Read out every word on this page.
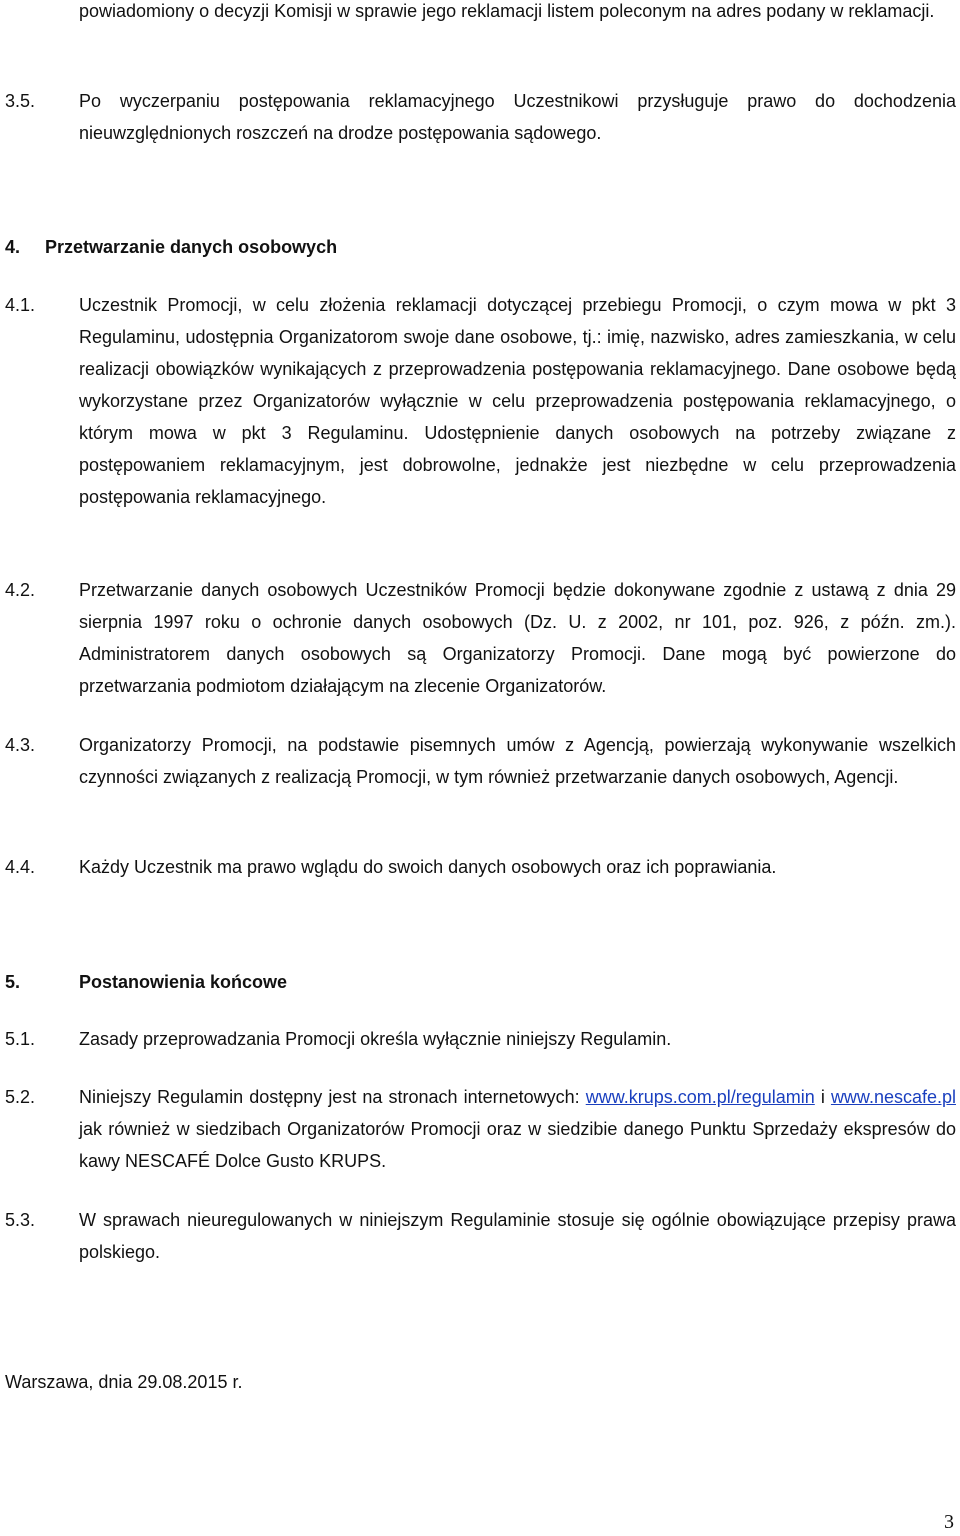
powiadomiony o decyzji Komisji w sprawie jego reklamacji listem poleconym na adres podany w reklamacji.
3.5. Po wyczerpaniu postępowania reklamacyjnego Uczestnikowi przysługuje prawo do dochodzenia nieuwzględnionych roszczeń na drodze postępowania sądowego.
4. Przetwarzanie danych osobowych
4.1. Uczestnik Promocji, w celu złożenia reklamacji dotyczącej przebiegu Promocji, o czym mowa w pkt 3 Regulaminu, udostępnia Organizatorom swoje dane osobowe, tj.: imię, nazwisko, adres zamieszkania, w celu realizacji obowiązków wynikających z przeprowadzenia postępowania reklamacyjnego. Dane osobowe będą wykorzystane przez Organizatorów wyłącznie w celu przeprowadzenia postępowania reklamacyjnego, o którym mowa w pkt 3 Regulaminu. Udostępnienie danych osobowych na potrzeby związane z postępowaniem reklamacyjnym, jest dobrowolne, jednakże jest niezbędne w celu przeprowadzenia postępowania reklamacyjnego.
4.2. Przetwarzanie danych osobowych Uczestników Promocji będzie dokonywane zgodnie z ustawą z dnia 29 sierpnia 1997 roku o ochronie danych osobowych (Dz. U. z 2002, nr 101, poz. 926, z późn. zm.). Administratorem danych osobowych są Organizatorzy Promocji. Dane mogą być powierzone do przetwarzania podmiotom działającym na zlecenie Organizatorów.
4.3. Organizatorzy Promocji, na podstawie pisemnych umów z Agencją, powierzają wykonywanie wszelkich czynności związanych z realizacją Promocji, w tym również przetwarzanie danych osobowych, Agencji.
4.4. Każdy Uczestnik ma prawo wglądu do swoich danych osobowych oraz ich poprawiania.
5.	Postanowienia końcowe
5.1. Zasady przeprowadzania Promocji określa wyłącznie niniejszy Regulamin.
5.2. Niniejszy Regulamin dostępny jest na stronach internetowych: www.krups.com.pl/regulamin i www.nescafe.pl jak również w siedzibach Organizatorów Promocji oraz w siedzibie danego Punktu Sprzedaży ekspresów do kawy NESCAFÉ Dolce Gusto KRUPS.
5.3. W sprawach nieuregulowanych w niniejszym Regulaminie stosuje się ogólnie obowiązujące przepisy prawa polskiego.
Warszawa, dnia 29.08.2015 r.
3
